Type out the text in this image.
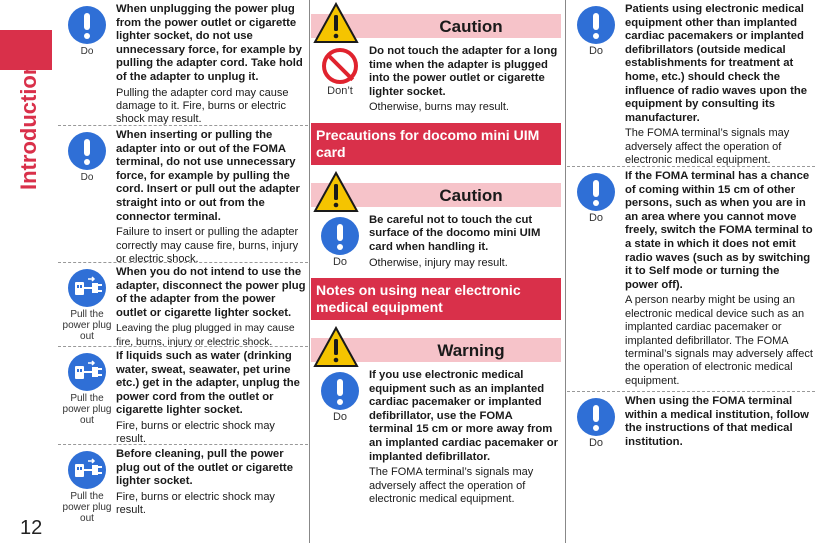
Introduction
12
Do
When unplugging the power plug from the power outlet or cigarette lighter socket, do not use unnecessary force, for example by pulling the adapter cord. Take hold of the adapter to unplug it.
Pulling the adapter cord may cause damage to it. Fire, burns or electric shock may result.
Do
When inserting or pulling the adapter into or out of the FOMA terminal, do not use unnecessary force, for example by pulling the cord. Insert or pull out the adapter straight into or out from the connector terminal.
Failure to insert or pulling the adapter correctly may cause fire, burns, injury or electric shock.
Pull the power plug out
When you do not intend to use the adapter, disconnect the power plug of the adapter from the power outlet or cigarette lighter socket.
Leaving the plug plugged in may cause fire, burns, injury or electric shock.
Pull the power plug out
If liquids such as water (drinking water, sweat, seawater, pet urine etc.) get in the adapter, unplug the power cord from the outlet or cigarette lighter socket.
Fire, burns or electric shock may result.
Pull the power plug out
Before cleaning, pull the power plug out of the outlet or cigarette lighter socket.
Fire, burns or electric shock may result.
Caution
Don’t
Do not touch the adapter for a long time when the adapter is plugged into the power outlet or cigarette lighter socket.
Otherwise, burns may result.
Precautions for docomo mini UIM card
Caution
Do
Be careful not to touch the cut surface of the docomo mini UIM card when handling it.
Otherwise, injury may result.
Notes on using near electronic medical equipment
Warning
Do
If you use electronic medical equipment such as an implanted cardiac pacemaker or implanted defibrillator, use the FOMA terminal 15 cm or more away from an implanted cardiac pacemaker or implanted defibrillator.
The FOMA terminal’s signals may adversely affect the operation of electronic medical equipment.
Do
Patients using electronic medical equipment other than implanted cardiac pacemakers or implanted defibrillators (outside medical establishments for treatment at home, etc.) should check the influence of radio waves upon the equipment by consulting its manufacturer.
The FOMA terminal’s signals may adversely affect the operation of electronic medical equipment.
Do
If the FOMA terminal has a chance of coming within 15 cm of other persons, such as when you are in an area where you cannot move freely, switch the FOMA terminal to a state in which it does not emit radio waves (such as by switching it to Self mode or turning the power off).
A person nearby might be using an electronic medical device such as an implanted cardiac pacemaker or implanted defibrillator. The FOMA terminal’s signals may adversely affect the operation of electronic medical equipment.
Do
When using the FOMA terminal within a medical institution, follow the instructions of that medical institution.
